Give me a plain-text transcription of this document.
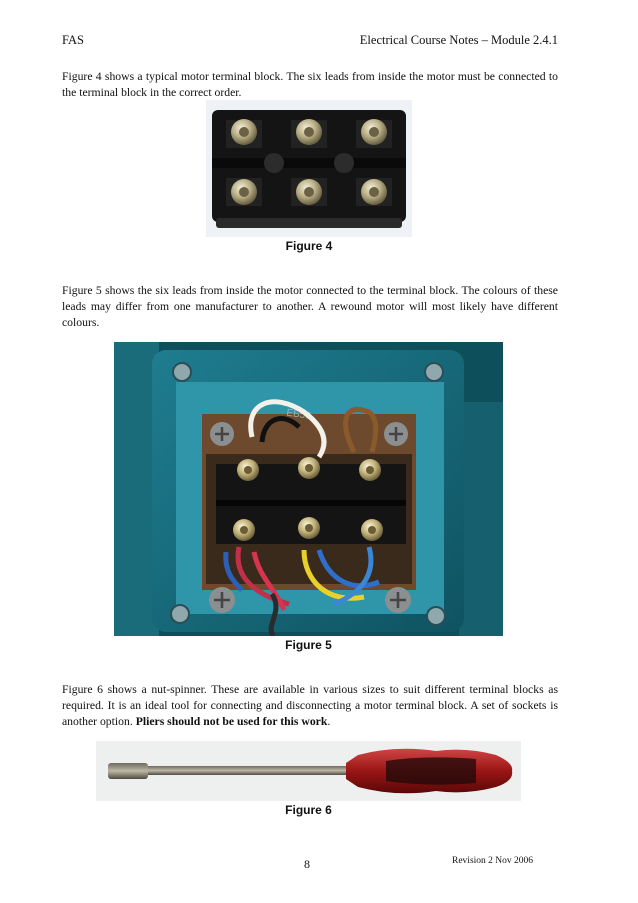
FAS	Electrical Course Notes – Module 2.4.1
Figure 4 shows a typical motor terminal block. The six leads from inside the motor must be connected to the terminal block in the correct order.
Figure 4
Figure 5 shows the six leads from inside the motor connected to the terminal block. The colours of these leads may differ from one manufacturer to another. A rewound motor will most likely have different colours.
ЕБ50
Figure 5
Figure 6 shows a nut-spinner. These are available in various sizes to suit different terminal blocks as required. It is an ideal tool for connecting and disconnecting a motor terminal block. A set of sockets is another option. Pliers should not be used for this work.
Figure 6
8	Revision 2 Nov 2006
